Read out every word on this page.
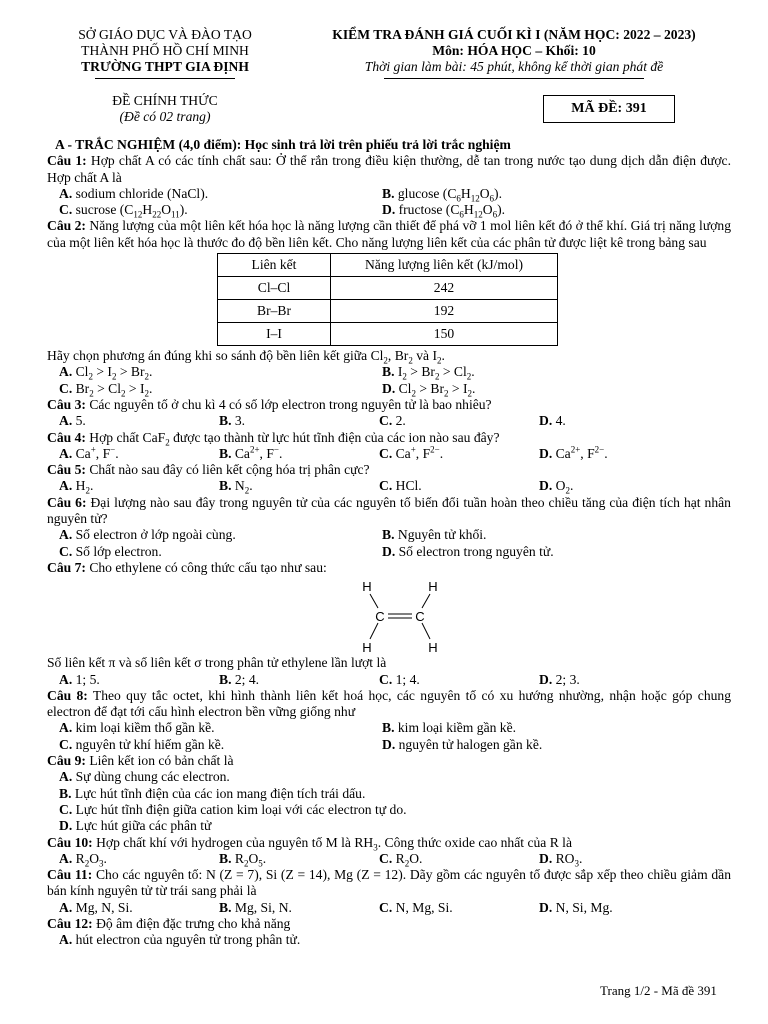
SỞ GIÁO DỤC VÀ ĐÀO TẠO
THÀNH PHỐ HỒ CHÍ MINH
TRƯỜNG THPT GIA ĐỊNH
KIỂM TRA ĐÁNH GIÁ CUỐI KÌ I (NĂM HỌC: 2022 – 2023)
Môn: HÓA HỌC – Khối: 10
Thời gian làm bài: 45 phút, không kể thời gian phát đề
ĐỀ CHÍNH THỨC
(Đề có 02 trang)
MÃ ĐỀ: 391
A - TRẮC NGHIỆM (4,0 điểm): Học sinh trả lời trên phiếu trả lời trắc nghiệm
Câu 1: Hợp chất A có các tính chất sau: Ở thể rắn trong điều kiện thường, dễ tan trong nước tạo dung dịch dẫn điện được. Hợp chất A là
A. sodium chloride (NaCl).	B. glucose $(C_6H_{12}O_6)$.
C. sucrose $(C_{12}H_{22}O_{11})$.	D. fructose $(C_6H_{12}O_6)$.
Câu 2: Năng lượng của một liên kết hóa học là năng lượng cần thiết để phá vỡ 1 mol liên kết đó ở thể khí. Giá trị năng lượng của một liên kết hóa học là thước đo độ bền liên kết. Cho năng lượng liên kết của các phân tử được liệt kê trong bảng sau
Liên kết	Năng lượng liên kết (kJ/mol)
Cl–Cl	242
Br–Br	192
I–I	150
Hãy chọn phương án đúng khi so sánh độ bền liên kết giữa $Cl_2$, $Br_2$ và $I_2$.
A. $Cl_2 > I_2 > Br_2$.	B. $I_2 > Br_2 > Cl_2$.
C. $Br_2 > Cl_2 > I_2$.	D. $Cl_2 > Br_2 > I_2$.
Câu 3: Các nguyên tố ở chu kì 4 có số lớp electron trong nguyên tử là bao nhiêu?
A. 5.	B. 3.	C. 2.	D. 4.
Câu 4: Hợp chất CaF$_2$ được tạo thành từ lực hút tĩnh điện của các ion nào sau đây?
A. Ca+, F−.	B. $Ca^{2+}$, F−.	C. Ca+, $F^{2-}$.	D. $Ca^{2+}$, $F^{2-}$.
Câu 5: Chất nào sau đây có liên kết cộng hóa trị phân cực?
A. $H_2$.	B. $N_2$.	C. HCl.	D. $O_2$.
Câu 6: Đại lượng nào sau đây trong nguyên tử của các nguyên tố biến đổi tuần hoàn theo chiều tăng của điện tích hạt nhân nguyên tử?
A. Số electron ở lớp ngoài cùng.	B. Nguyên tử khối.
C. Số lớp electron.	D. Số electron trong nguyên tử.
Câu 7: Cho ethylene có công thức cấu tạo như sau:
H	H
C C
H	H
Số liên kết π và số liên kết σ trong phân tử ethylene lần lượt là
A. 1; 5.	B. 2; 4.	C. 1; 4.	D. 2; 3.
Câu 8: Theo quy tắc octet, khi hình thành liên kết hoá học, các nguyên tố có xu hướng nhường, nhận hoặc góp chung electron để đạt tới cấu hình electron bền vững giống như
A. kim loại kiềm thổ gần kề.	B. kim loại kiềm gần kề.
C. nguyên tử khí hiếm gần kề.	D. nguyên tử halogen gần kề.
Câu 9: Liên kết ion có bản chất là
A. Sự dùng chung các electron.
B. Lực hút tĩnh điện của các ion mang điện tích trái dấu.
C. Lực hút tĩnh điện giữa cation kim loại với các electron tự do.
D. Lực hút giữa các phân tử
Câu 10: Hợp chất khí với hydrogen của nguyên tố M là $RH_3$. Công thức oxide cao nhất của R là
A. $R_2O_3$.	B. $R_2O_5$.	C. $R_2O$.	D. $RO_3$.
Câu 11: Cho các nguyên tố: N (Z = 7), Si (Z = 14), Mg (Z = 12). Dãy gồm các nguyên tố được sắp xếp theo chiều giảm dần bán kính nguyên tử từ trái sang phải là
A. Mg, N, Si.	B. Mg, Si, N.	C. N, Mg, Si.	D. N, Si, Mg.
Câu 12: Độ âm điện đặc trưng cho khả năng
A. hút electron của nguyên tử trong phân tử.
Trang 1/2 - Mã đề 391
